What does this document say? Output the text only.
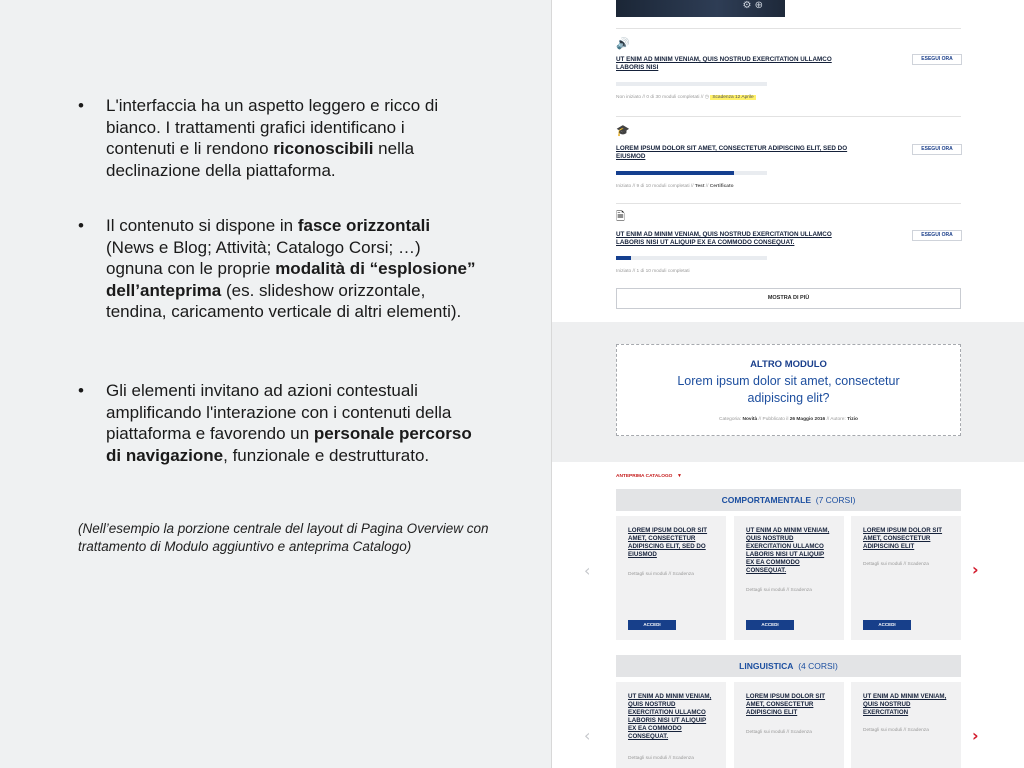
• L'interfaccia ha un aspetto leggero e ricco di bianco. I trattamenti grafici identificano i contenuti e li rendono riconoscibili nella declinazione della piattaforma.
• Il contenuto si dispone in fasce orizzontali (News e Blog; Attività; Catalogo Corsi; …) ognuna con le proprie modalità di “esplosione” dell’anteprima (es. slideshow orizzontale, tendina, caricamento verticale di altri elementi).
• Gli elementi invitano ad azioni contestuali amplificando l'interazione con i contenuti della piattaforma e favorendo un personale percorso di navigazione, funzionale e destrutturato.
(Nell’esempio la porzione centrale del layout di Pagina Overview con trattamento di Modulo aggiuntivo e anteprima Catalogo)
⚙ ⊕
🔊
UT ENIM AD MINIM VENIAM, QUIS NOSTRUD EXERCITATION ULLAMCO LABORIS NISI
ESEGUI ORA
Non iniziato // 0 di 30 moduli completati // ◷ Scadenza 12 Aprile
🎓
LOREM IPSUM DOLOR SIT AMET, CONSECTETUR ADIPISCING ELIT, SED DO EIUSMOD
ESEGUI ORA
Iniziato // 9 di 10 moduli completati // Test // Certificato
🗎
UT ENIM AD MINIM VENIAM, QUIS NOSTRUD EXERCITATION ULLAMCO LABORIS NISI UT ALIQUIP EX EA COMMODO CONSEQUAT.
ESEGUI ORA
Iniziato // 1 di 10 moduli completati
MOSTRA DI PIÙ
ALTRO MODULO
Lorem ipsum dolor sit amet, consectetur adipiscing elit?
Categoria: Novità // Pubblicato il 26 Maggio 2016 // Autore: Tizio
ANTEPRIMA CATALOGO ▼
COMPORTAMENTALE (7 CORSI)
‹
LOREM IPSUM DOLOR SIT AMET, CONSECTETUR ADIPISCING ELIT, SED DO EIUSMOD
Dettagli sui moduli // Scadenza
ACCEDI
UT ENIM AD MINIM VENIAM, QUIS NOSTRUD EXERCITATION ULLAMCO LABORIS NISI UT ALIQUIP EX EA COMMODO CONSEQUAT.
Dettagli sui moduli // Scadenza
ACCEDI
LOREM IPSUM DOLOR SIT AMET, CONSECTETUR ADIPISCING ELIT
Dettagli sui moduli // Scadenza
ACCEDI
›
LINGUISTICA (4 CORSI)
‹
UT ENIM AD MINIM VENIAM, QUIS NOSTRUD EXERCITATION ULLAMCO LABORIS NISI UT ALIQUIP EX EA COMMODO CONSEQUAT.
Dettagli sui moduli // Scadenza
LOREM IPSUM DOLOR SIT AMET, CONSECTETUR ADIPISCING ELIT
Dettagli sui moduli // Scadenza
UT ENIM AD MINIM VENIAM, QUIS NOSTRUD EXERCITATION
Dettagli sui moduli // Scadenza	›
